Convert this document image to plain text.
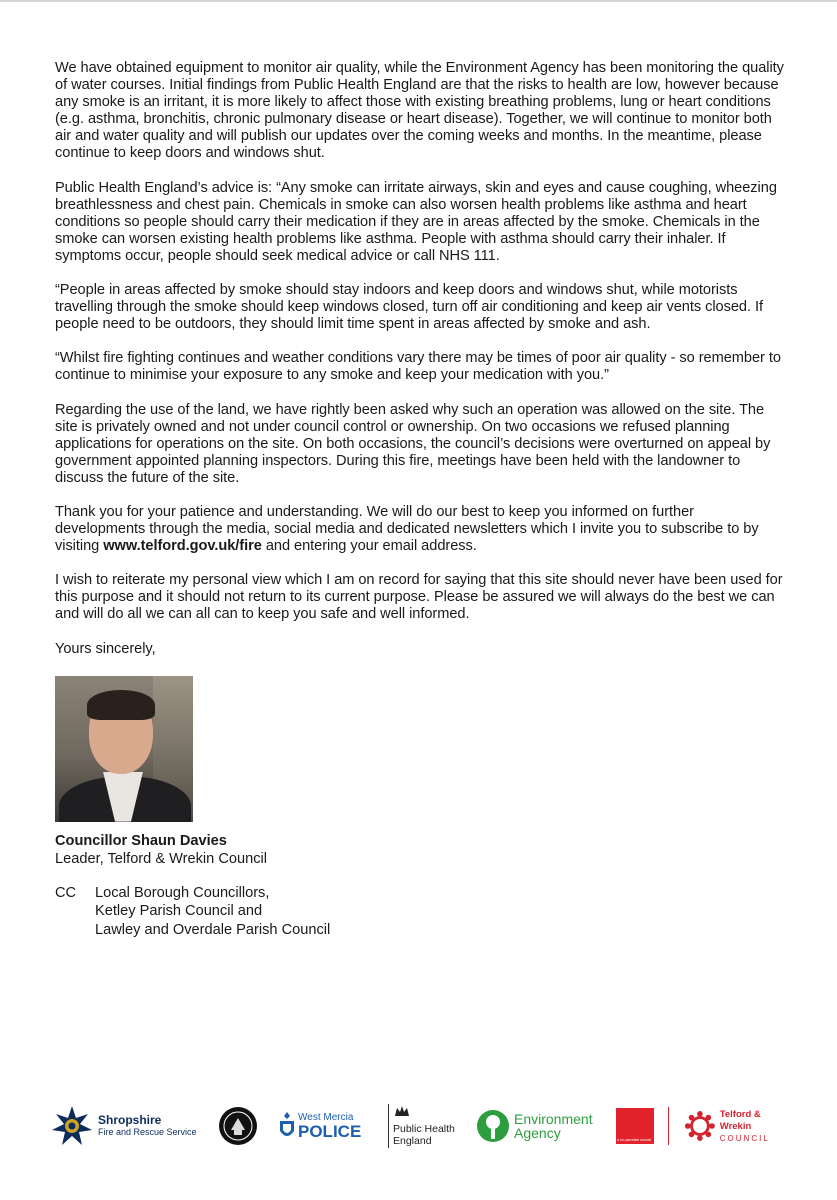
We have obtained equipment to monitor air quality, while the Environment Agency has been monitoring the quality of water courses. Initial findings from Public Health England are that the risks to health are low, however because any smoke is an irritant, it is more likely to affect those with existing breathing problems, lung or heart conditions (e.g. asthma, bronchitis, chronic pulmonary disease or heart disease). Together, we will continue to monitor both air and water quality and will publish our updates over the coming weeks and months. In the meantime, please continue to keep doors and windows shut.

Public Health England’s advice is: “Any smoke can irritate airways, skin and eyes and cause coughing, wheezing breathlessness and chest pain. Chemicals in smoke can also worsen health problems like asthma and heart conditions so people should carry their medication if they are in areas affected by the smoke. Chemicals in the smoke can worsen existing health problems like asthma. People with asthma should carry their inhaler. If symptoms occur, people should seek medical advice or call NHS 111.

“People in areas affected by smoke should stay indoors and keep doors and windows shut, while motorists travelling through the smoke should keep windows closed, turn off air conditioning and keep air vents closed. If people need to be outdoors, they should limit time spent in areas affected by smoke and ash.

“Whilst fire fighting continues and weather conditions vary there may be times of poor air quality - so remember to continue to minimise your exposure to any smoke and keep your medication with you.”

Regarding the use of the land, we have rightly been asked why such an operation was allowed on the site. The site is privately owned and not under council control or ownership. On two occasions we refused planning applications for operations on the site. On both occasions, the council’s decisions were overturned on appeal by government appointed planning inspectors. During this fire, meetings have been held with the landowner to discuss the future of the site.

Thank you for your patience and understanding. We will do our best to keep you informed on further developments through the media, social media and dedicated newsletters which I invite you to subscribe to by visiting www.telford.gov.uk/fire and entering your email address.

I wish to reiterate my personal view which I am on record for saying that this site should never have been used for this purpose and it should not return to its current purpose. Please be assured we will always do the best we can and will do all we can all can to keep you safe and well informed.

Yours sincerely,

Councillor Shaun Davies
Leader, Telford & Wrekin Council
CC	Local Borough Councillors,
Ketley Parish Council and
Lawley and Overdale Parish Council
Shropshire
Fire and Rescue Service
West Mercia
POLICE	Public Health
England
Environment
Agency	a co-operative council
Telford & Wrekin
COUNCIL
